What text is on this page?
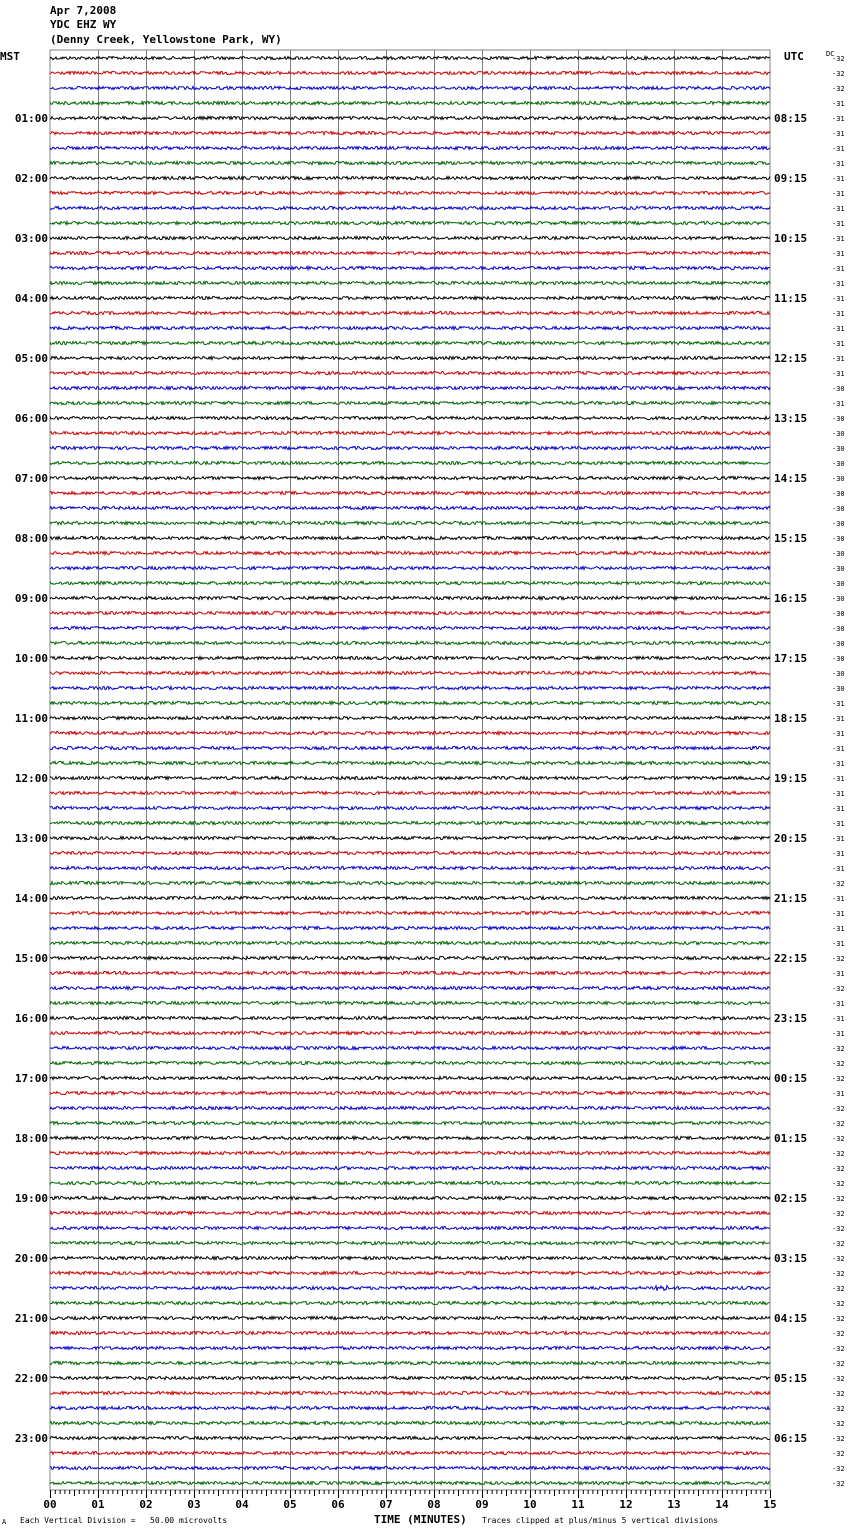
Apr 7,2008
YDC EHZ WY
(Denny Creek, Yellowstone Park, WY)
MST	UTC
01:00
02:00
03:00
04:00
05:00
06:00
07:00
08:00
09:00
10:00
11:00
12:00
13:00
14:00
15:00
16:00
17:00
18:00
19:00
20:00
21:00
22:00
23:00
08:15
09:15
10:15
11:15
12:15
13:15
14:15
15:15
16:15
17:15
18:15
19:15
20:15
21:15
22:15
23:15
00:15
01:15
02:15
03:15
04:15
05:15
06:15
-32
-32
-32
-31
-31
-31
-31
-31
-31
-31
-31
-31
-31
-31
-31
-31
-31
-31
-31
-31
-31
-31
-30
-31
-30
-30
-30
-30
-30
-30
-30
-30
-30
-30
-30
-30
-30
-30
-30
-30
-30
-30
-30
-31
-31
-31
-31
-31
-31
-31
-31
-31
-31
-31
-31
-32
-31
-31
-31
-31
-32
-31
-32
-31
-31
-31
-32
-32
-32
-31
-32
-32
-32
-32
-32
-32
-32
-32
-32
-32
-32
-32
-32
-32
-32
-32
-32
-32
-32
-32
-32
-32
-32
-32
-32
-32
00	01	02	03	04	05	06	07	08	09	10	11	12	13	14	15
DC
A Each Vertical Division =   50.00 microvolts	TIME (MINUTES) Traces clipped at plus/minus 5 vertical divisions
